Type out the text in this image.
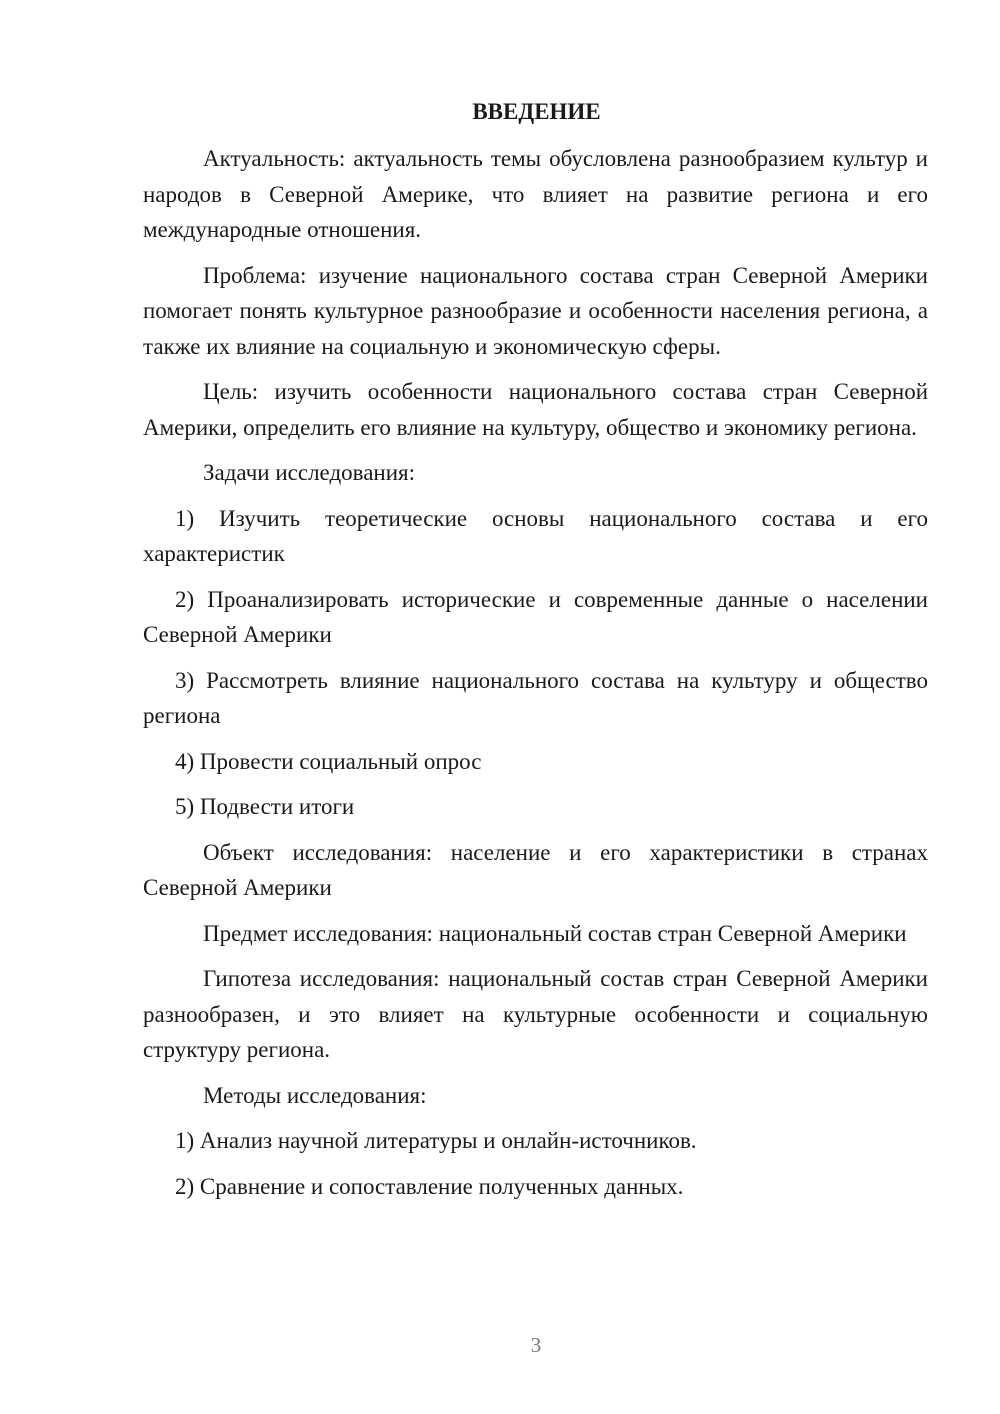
ВВЕДЕНИЕ

Актуальность: актуальность темы обусловлена разнообразием культур и народов в Северной Америке, что влияет на развитие региона и его международные отношения.

Проблема: изучение национального состава стран Северной Америки помогает понять культурное разнообразие и особенности населения региона, а также их влияние на социальную и экономическую сферы.

Цель: изучить особенности национального состава стран Северной Америки, определить его влияние на культуру, общество и экономику региона.

Задачи исследования:

1) Изучить теоретические основы национального состава и его характеристик

2) Проанализировать исторические и современные данные о населении Северной Америки

3) Рассмотреть влияние национального состава на культуру и общество региона

4) Провести социальный опрос

5) Подвести итоги

Объект исследования: население и его характеристики в странах Северной Америки

Предмет исследования: национальный состав стран Северной Америки

Гипотеза исследования: национальный состав стран Северной Америки разнообразен, и это влияет на культурные особенности и социальную структуру региона.

Методы исследования:

1) Анализ научной литературы и онлайн-источников.

2) Сравнение и сопоставление полученных данных.

3
